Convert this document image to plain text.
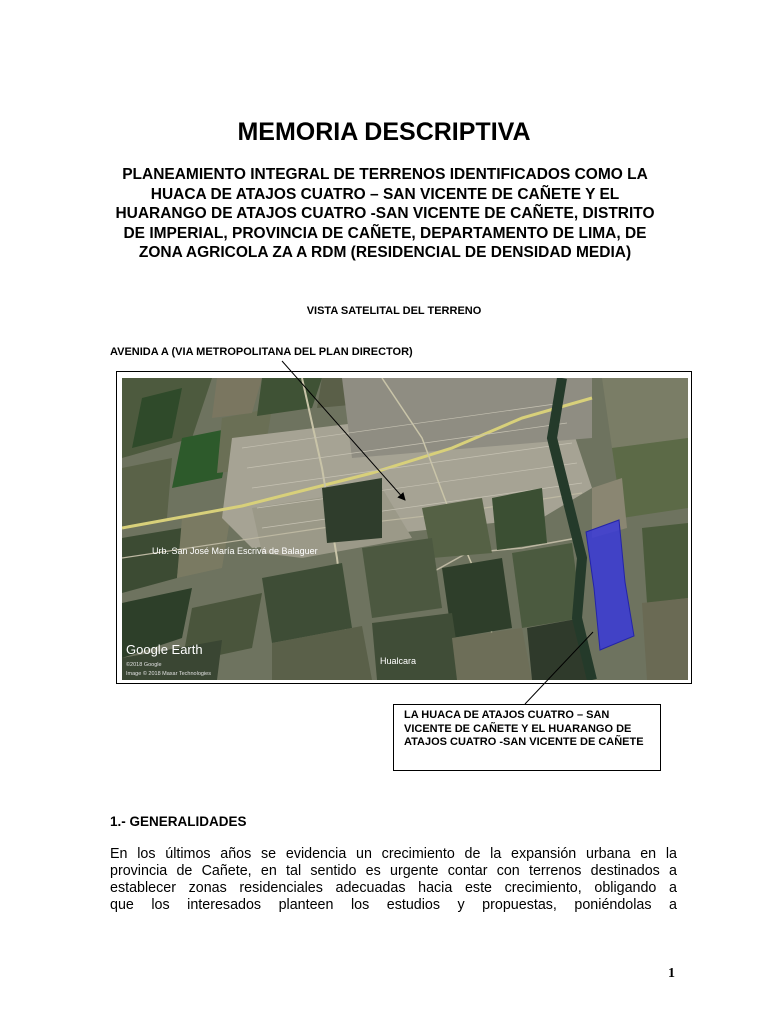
MEMORIA DESCRIPTIVA
PLANEAMIENTO INTEGRAL DE TERRENOS IDENTIFICADOS COMO LA HUACA DE ATAJOS CUATRO – SAN VICENTE DE CAÑETE Y EL HUARANGO DE ATAJOS CUATRO -SAN VICENTE DE CAÑETE, DISTRITO DE IMPERIAL, PROVINCIA DE CAÑETE, DEPARTAMENTO DE LIMA, DE ZONA AGRICOLA ZA A RDM (RESIDENCIAL DE DENSIDAD MEDIA)
VISTA SATELITAL DEL TERRENO
AVENIDA A (VIA METROPOLITANA DEL PLAN DIRECTOR)
Urb. San José María Escrivá de Balaguer
Hualcara
Google Earth
©2018 Google
Image © 2018 Maxar Technologies
LA HUACA DE ATAJOS CUATRO – SAN VICENTE DE CAÑETE Y EL HUARANGO DE ATAJOS CUATRO -SAN VICENTE DE CAÑETE
1.- GENERALIDADES
En los últimos años se evidencia un crecimiento de la expansión urbana en la
provincia de Cañete, en tal sentido es urgente contar con terrenos destinados a
establecer zonas residenciales adecuadas hacia este crecimiento, obligando a
que los interesados planteen los estudios y propuestas, poniéndolas a
1
